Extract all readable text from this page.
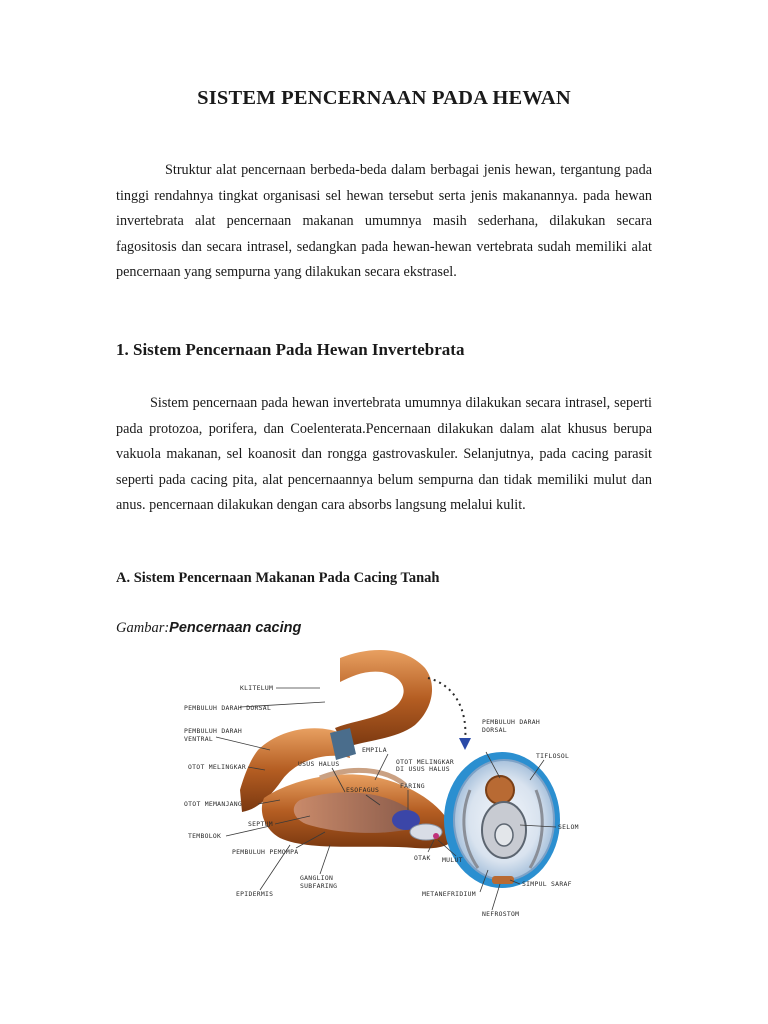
SISTEM PENCERNAAN PADA HEWAN

Struktur alat pencernaan berbeda-beda dalam berbagai jenis hewan, tergantung pada tinggi rendahnya tingkat organisasi sel hewan tersebut serta jenis makanannya. pada hewan invertebrata alat pencernaan makanan umumnya masih sederhana, dilakukan secara fagositosis dan secara intrasel, sedangkan pada hewan-hewan vertebrata sudah memiliki alat pencernaan yang sempurna yang dilakukan secara ekstrasel.

1. Sistem Pencernaan Pada Hewan Invertebrata

Sistem pencernaan pada hewan invertebrata umumnya dilakukan secara intrasel, seperti pada protozoa, porifera, dan Coelenterata.Pencernaan dilakukan dalam alat khusus berupa vakuola makanan, sel koanosit dan rongga gastrovaskuler. Selanjutnya, pada cacing parasit seperti pada cacing pita, alat pencernaannya belum sempurna dan tidak memiliki mulut dan anus. pencernaan dilakukan dengan cara absorbs langsung melalui kulit.

A. Sistem Pencernaan Makanan Pada Cacing Tanah

Gambar:Pencernaan cacing

KLITELUM
PEMBULUH DARAH DORSAL
PEMBULUH DARAH
VENTRAL
OTOT MELINGKAR	USUS HALUS
EMPILA
ESOFAGUS	FARING
OTOT MELINGKAR
DI USUS HALUS
OTOT MEMANJANG
SEPTUM
TEMBOLOK
PEMBULUH PEMOMPA
OTAK MULUT
EPIDERMIS
GANGLION
SUBFARING
PEMBULUH DARAH
DORSAL
TIFLOSOL
SELOM
SIMPUL SARAF
METANEFRIDIUM
NEFROSTOM
